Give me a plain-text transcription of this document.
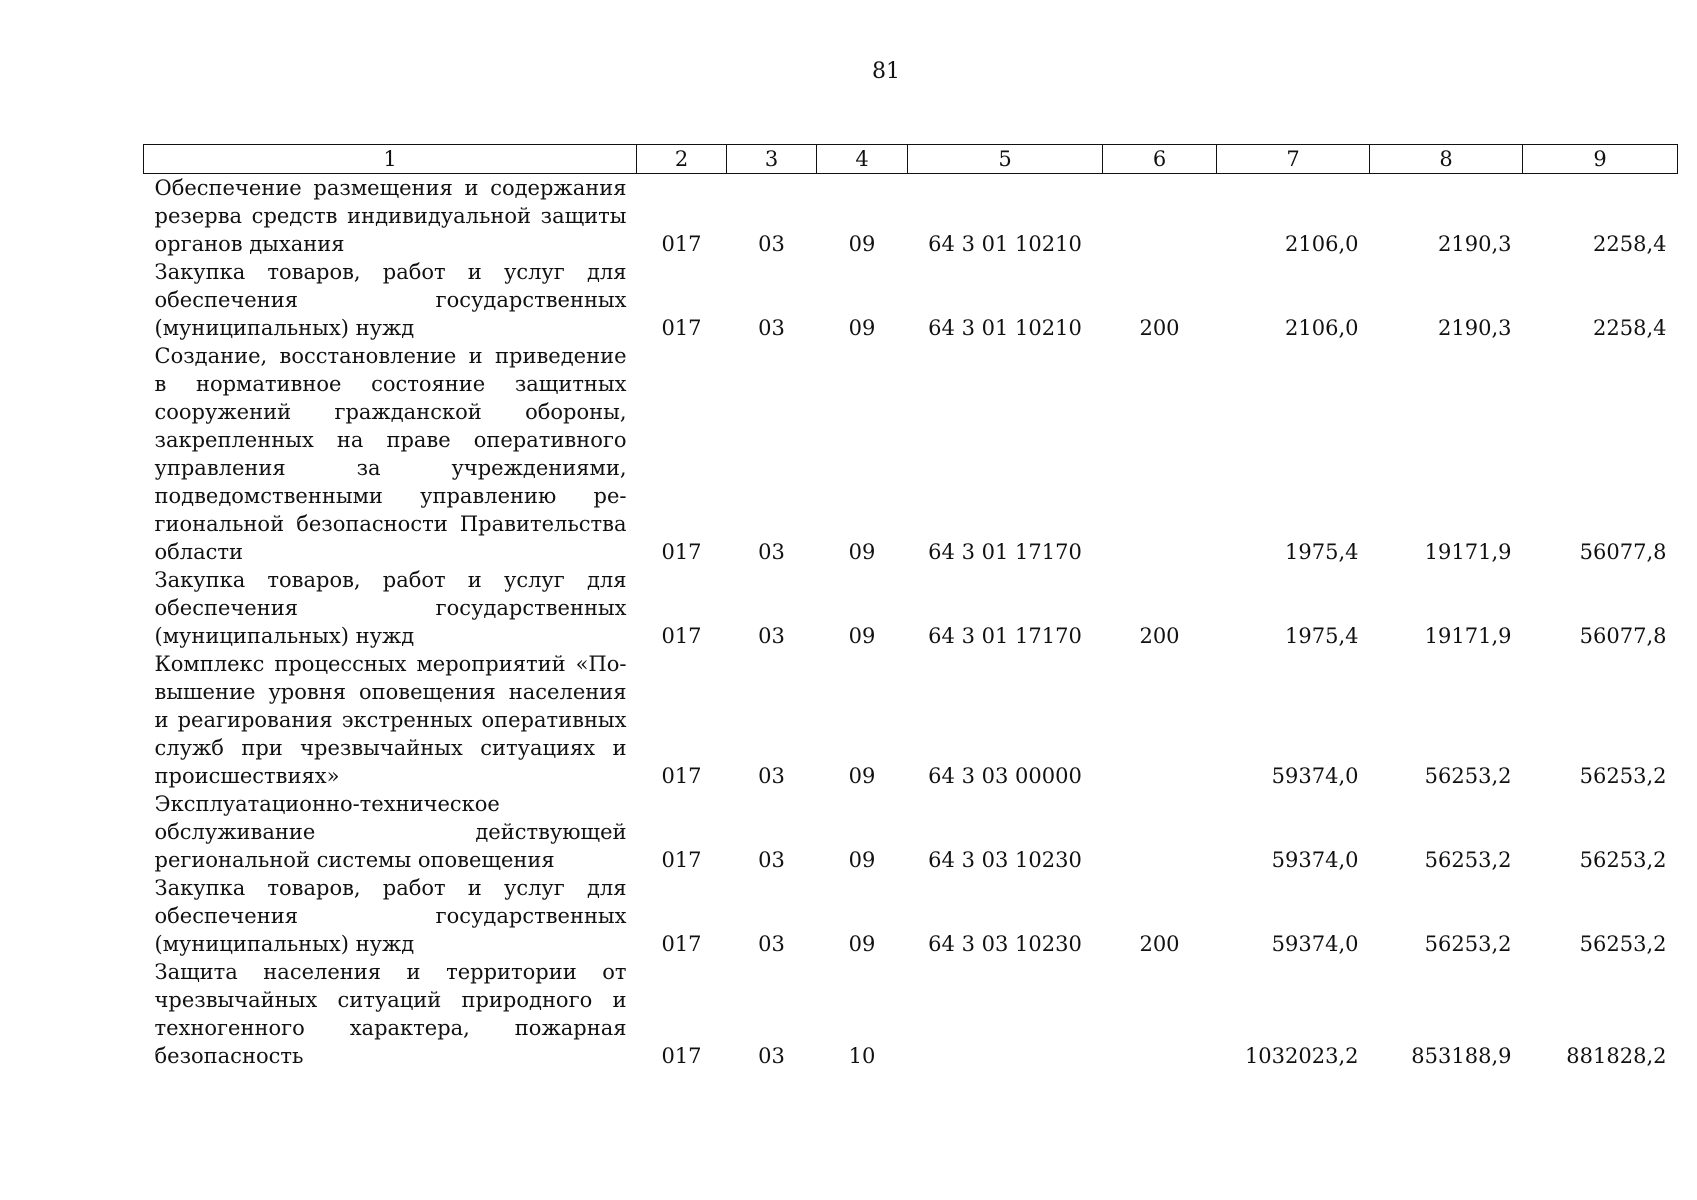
81
1	2	3	4	5	6	7	8	9
Обеспечение размещения и содержания резерва средств индивидуальной защиты органов дыхания	017	03	09	64 3 01 10210		2106,0	2190,3	2258,4
Закупка товаров, работ и услуг для обеспечения государственных (муниципальных) нужд	017	03	09	64 3 01 10210	200	2106,0	2190,3	2258,4
Создание, восстановление и приведение в нормативное состояние защитных сооружений гражданской обороны, закрепленных на праве оперативного управления за учреждениями, подведомственными управлению региональной безопасности Правительства области	017	03	09	64 3 01 17170		1975,4	19171,9	56077,8
Закупка товаров, работ и услуг для обеспечения государственных (муниципальных) нужд	017	03	09	64 3 01 17170	200	1975,4	19171,9	56077,8
Комплекс процессных мероприятий «Повышение уровня оповещения населения и реагирования экстренных оперативных служб при чрезвычайных ситуациях и происшествиях»	017	03	09	64 3 03 00000		59374,0	56253,2	56253,2
Эксплуатационно-техническое обслуживание действующей региональной системы оповещения	017	03	09	64 3 03 10230		59374,0	56253,2	56253,2
Закупка товаров, работ и услуг для обеспечения государственных (муниципальных) нужд	017	03	09	64 3 03 10230	200	59374,0	56253,2	56253,2
Защита населения и территории от чрезвычайных ситуаций природного и техногенного характера, пожарная безопасность	017	03	10			1032023,2	853188,9	881828,2
